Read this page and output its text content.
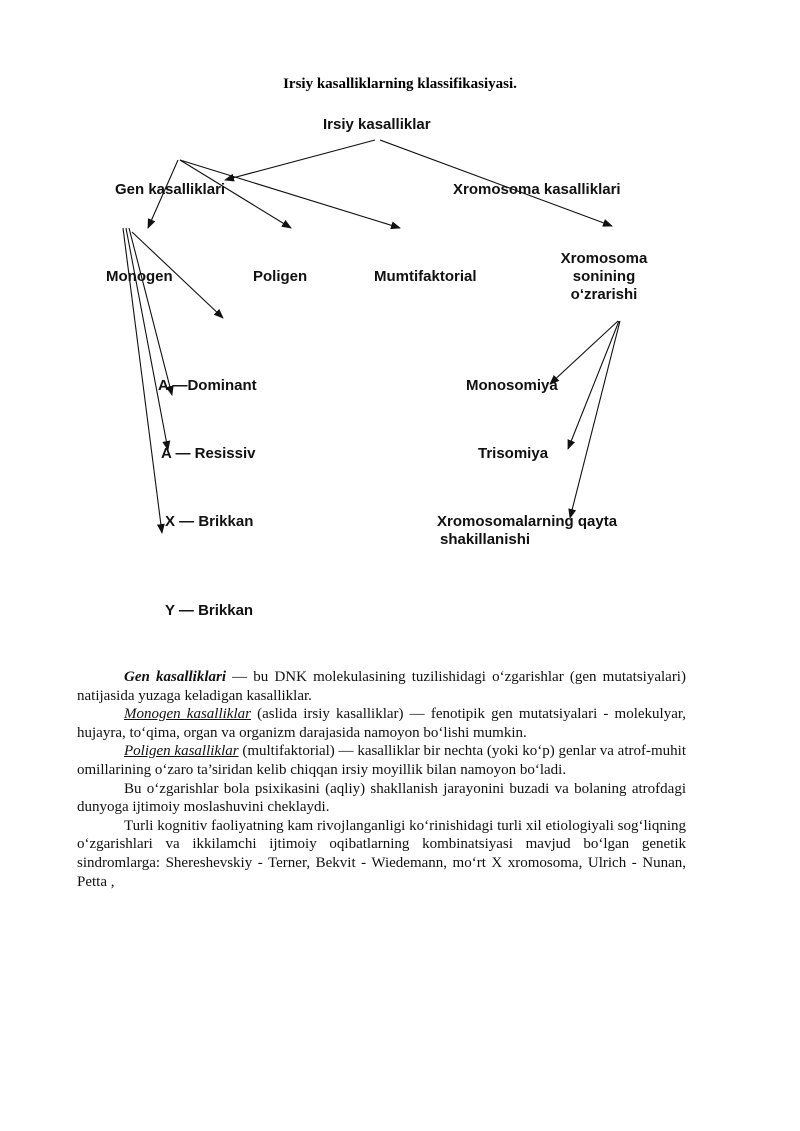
Irsiy kasalliklarning klassifikasiyasi.
Irsiy kasalliklar
Gen kasalliklari	Xromosoma kasalliklari
Monogen	Poligen	Mumtifaktorial
Xromosoma
sonining
o‘zrarishi
A —Dominant
A — Resissiv
X — Brikkan
Y — Brikkan
Monosomiya
Trisomiya
Xromosomalarning qayta
shakillanishi

Gen kasalliklari — bu DNK molekulasining tuzilishidagi o‘zgarishlar (gen mutatsiyalari) natijasida yuzaga keladigan kasalliklar.

Monogen kasalliklar (aslida irsiy kasalliklar) — fenotipik gen mutatsiyalari - molekulyar, hujayra, to‘qima, organ va organizm darajasida namoyon bo‘lishi mumkin.

Poligen kasalliklar (multifaktorial) — kasalliklar bir nechta (yoki ko‘p) genlar va atrof-muhit omillarining o‘zaro ta’siridan kelib chiqqan irsiy moyillik bilan namoyon bo‘ladi.

Bu o‘zgarishlar bola psixikasini (aqliy) shakllanish jarayonini buzadi va bolaning atrofdagi dunyoga ijtimoiy moslashuvini cheklaydi.

Turli kognitiv faoliyatning kam rivojlanganligi ko‘rinishidagi turli xil etiologiyali sog‘liqning o‘zgarishlari va ikkilamchi ijtimoiy oqibatlarning kombinatsiyasi mavjud bo‘lgan genetik sindromlarga: Shereshevskiy - Terner, Bekvit - Wiedemann, mo‘rt X xromosoma, Ulrich - Nunan, Petta ,
